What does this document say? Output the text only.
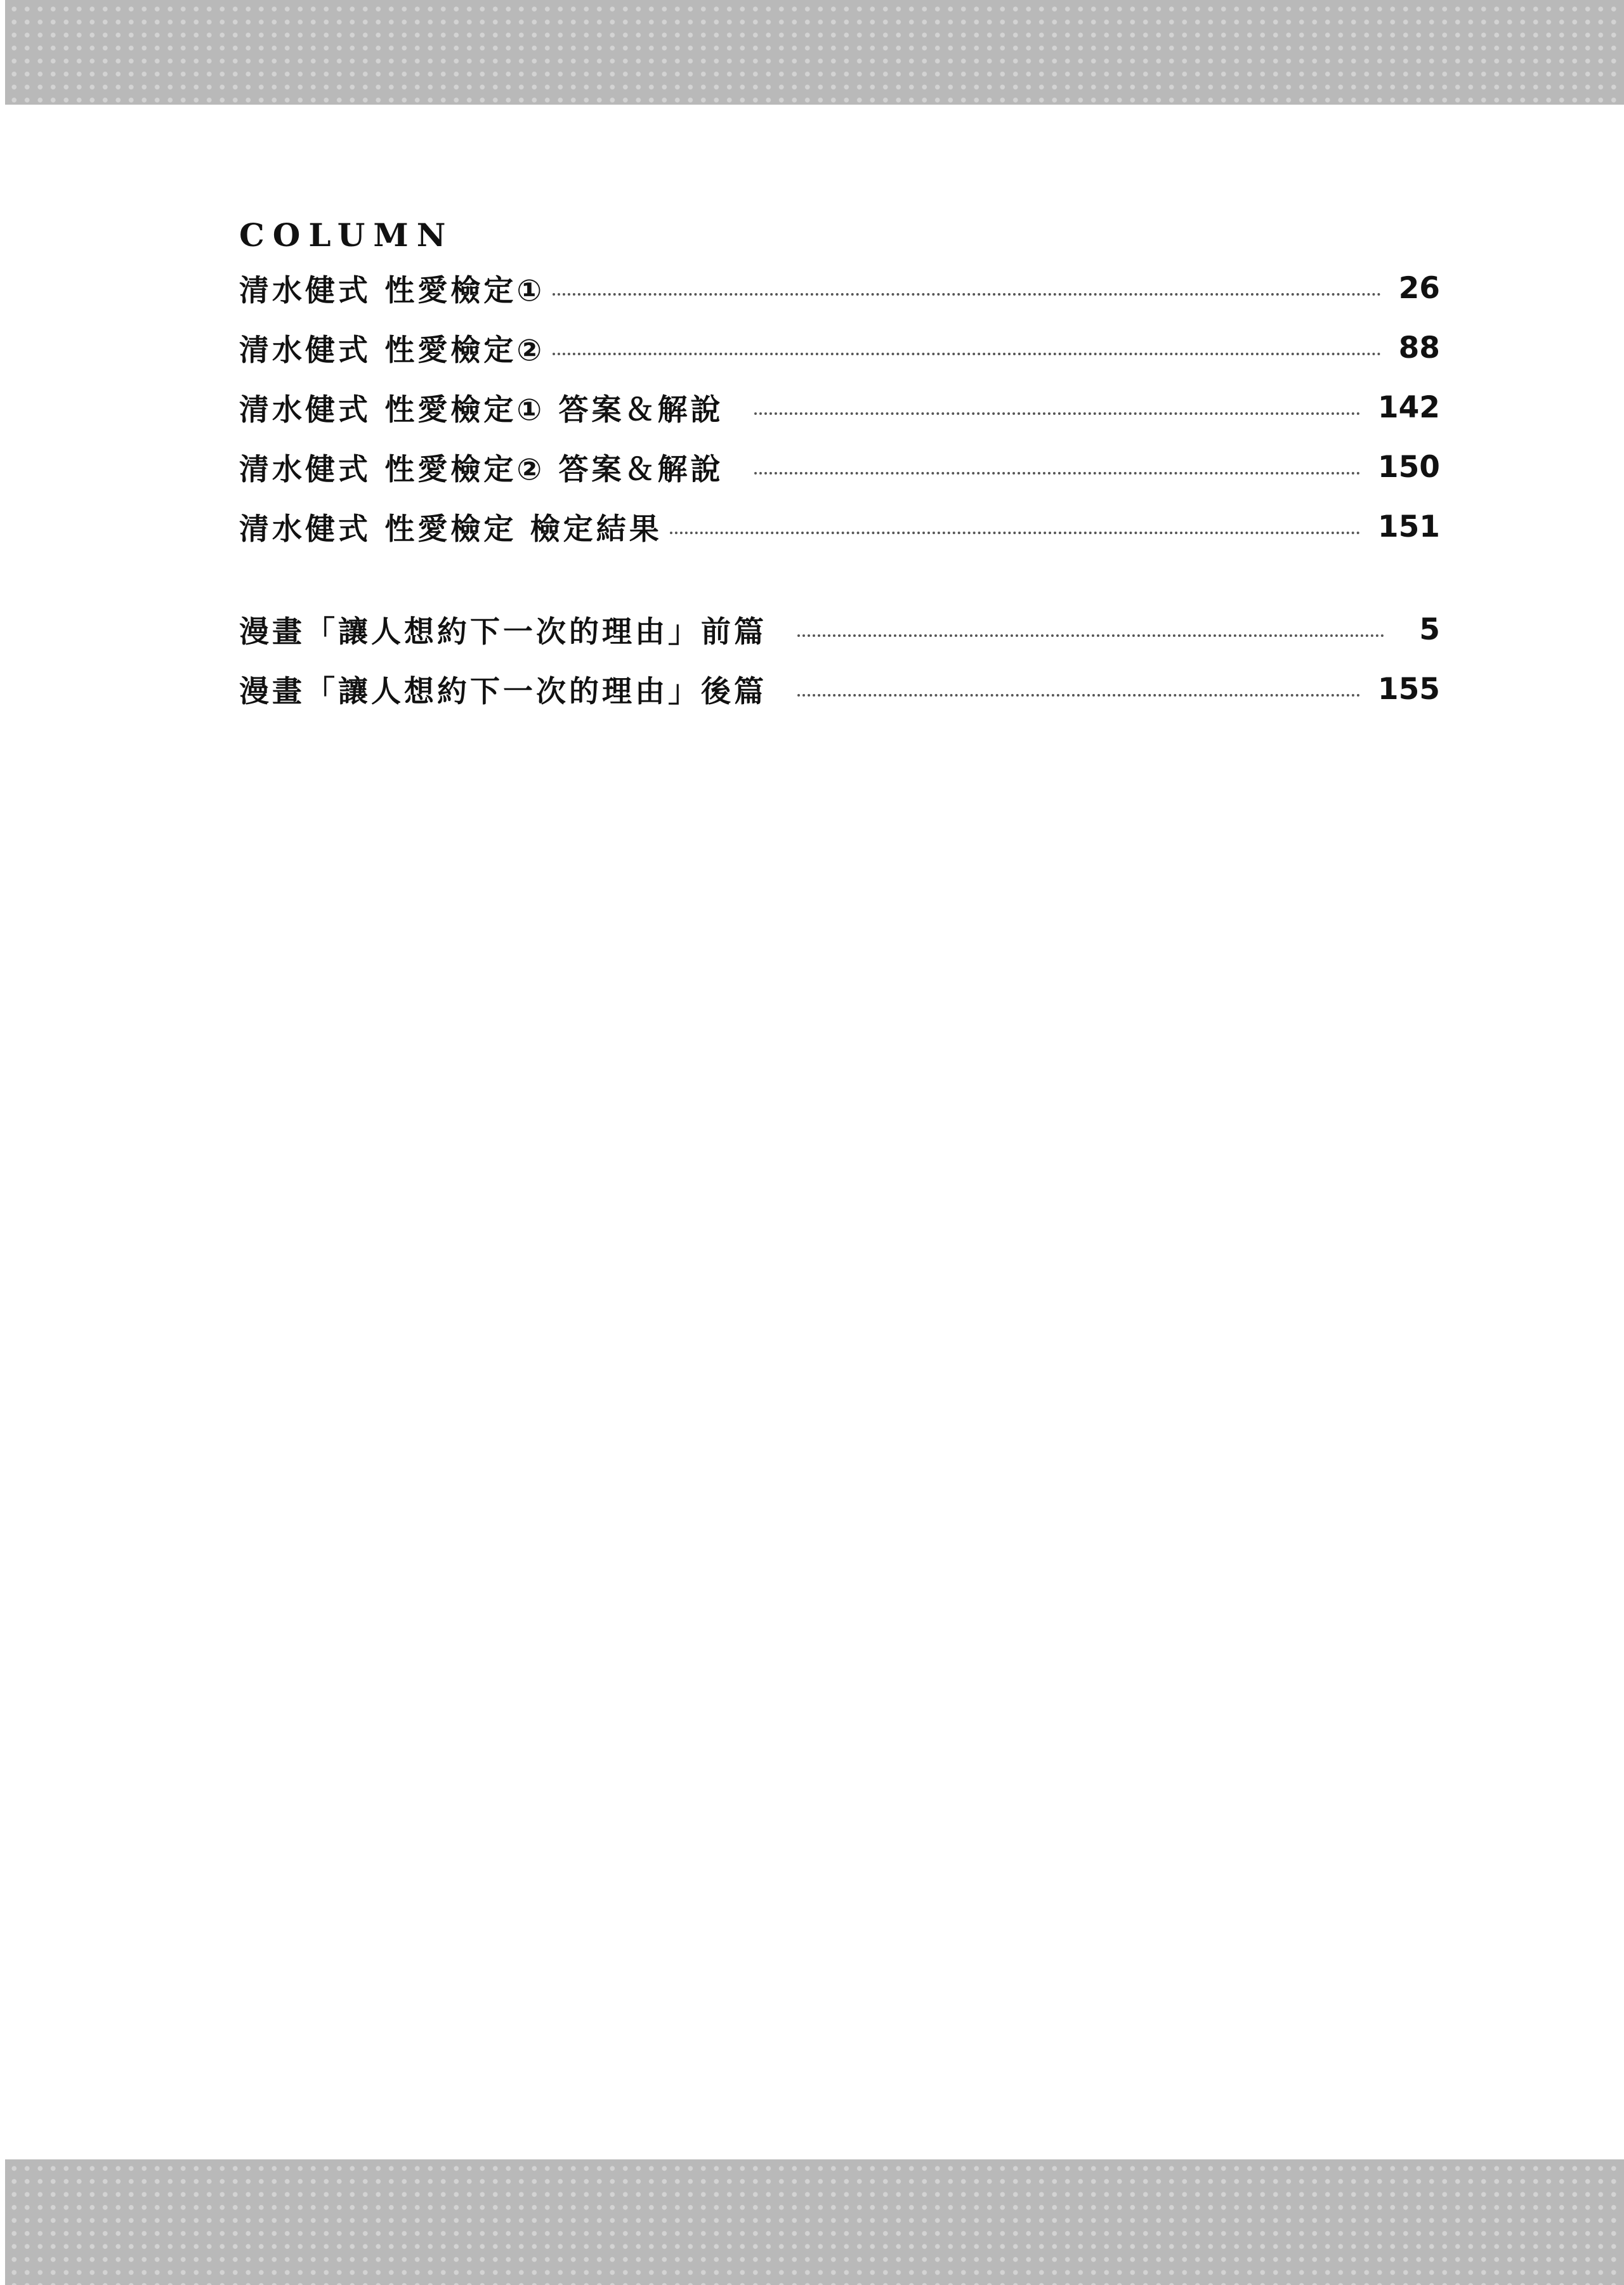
COLUMN
清水健式 性愛檢定①	26
清水健式 性愛檢定②	88
清水健式 性愛檢定① 答案＆解說	142
清水健式 性愛檢定② 答案＆解說	150
清水健式 性愛檢定 檢定結果	151
漫畫「讓人想約下一次的理由」前篇	5
漫畫「讓人想約下一次的理由」後篇	155
